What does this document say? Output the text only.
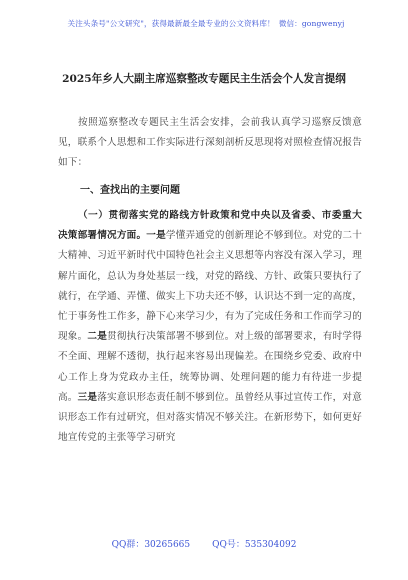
关注头条号"公文研究"，获得最新最全最专业的公文资料库！ 微信：gongwenyj
2025年乡人大副主席巡察整改专题民主生活会个人发言提纲
按照巡察整改专题民主生活会安排，会前我认真学习巡察反馈意见，联系个人思想和工作实际进行深刻剖析反思现将对照检查情况报告如下：
一、查找出的主要问题
（一）贯彻落实党的路线方针政策和党中央以及省委、市委重大决策部署情况方面。一是学懂弄通党的创新理论不够到位。对党的二十大精神、习近平新时代中国特色社会主义思想等内容没有深入学习，理解片面化，总认为身处基层一线，对党的路线、方针、政策只要执行了就行，在学通、弄懂、做实上下功夫还不够，认识达不到一定的高度，忙于事务性工作多，静下心来学习少，有为了完成任务和工作而学习的现象。二是贯彻执行决策部署不够到位。对上级的部署要求，有时学得不全面、理解不透彻，执行起来容易出现偏差。在围绕乡党委、政府中心工作上身为党政办主任，统筹协调、处理问题的能力有待进一步提高。三是落实意识形态责任制不够到位。虽曾经从事过宣传工作，对意识形态工作有过研究，但对落实情况不够关注。在新形势下，如何更好地宣传党的主张等学习研究
QQ群：30265665 QQ号：535304092
